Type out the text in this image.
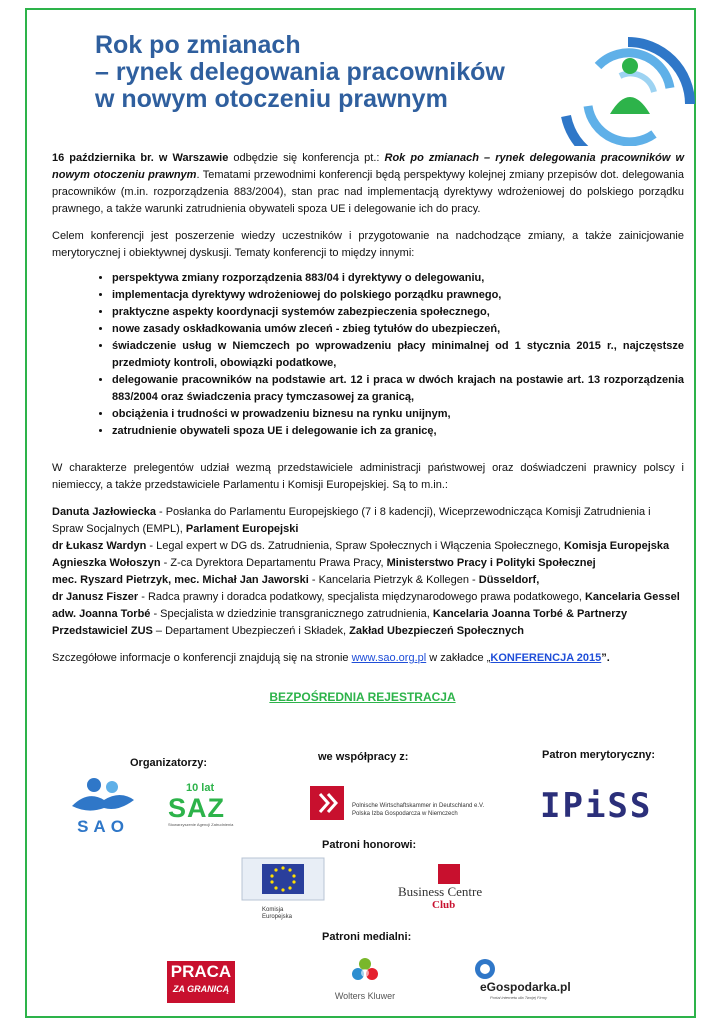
Rok po zmianach
– rynek delegowania pracowników
w nowym otoczeniu prawnym

16 października br. w Warszawie odbędzie się konferencja pt.: Rok po zmianach – rynek delegowania pracowników w nowym otoczeniu prawnym. Tematami przewodnimi konferencji będą perspektywy kolejnej zmiany przepisów dot. delegowania pracowników (m.in. rozporządzenia 883/2004), stan prac nad implementacją dyrektywy wdrożeniowej do polskiego porządku prawnego, a także warunki zatrudnienia obywateli spoza UE i delegowanie ich do pracy.

Celem konferencji jest poszerzenie wiedzy uczestników i przygotowanie na nadchodzące zmiany, a także zainicjowanie merytorycznej i obiektywnej dyskusji. Tematy konferencji to między innymi:

• perspektywa zmiany rozporządzenia 883/04 i dyrektywy o delegowaniu,
• implementacja dyrektywy wdrożeniowej do polskiego porządku prawnego,
• praktyczne aspekty koordynacji systemów zabezpieczenia społecznego,
• nowe zasady oskładkowania umów zleceń - zbieg tytułów do ubezpieczeń,
• świadczenie usług w Niemczech po wprowadzeniu płacy minimalnej od 1 stycznia 2015 r., najczęstsze przedmioty kontroli, obowiązki podatkowe,
• delegowanie pracowników na podstawie art. 12 i praca w dwóch krajach na postawie art. 13 rozporządzenia 883/2004 oraz świadczenia pracy tymczasowej za granicą,
• obciążenia i trudności w prowadzeniu biznesu na rynku unijnym,
• zatrudnienie obywateli spoza UE i delegowanie ich za granicę,

W charakterze prelegentów udział wezmą przedstawiciele administracji państwowej oraz doświadczeni prawnicy polscy i niemieccy, a także przedstawiciele Parlamentu i Komisji Europejskiej. Są to m.in.:

Danuta Jazłowiecka - Posłanka do Parlamentu Europejskiego (7 i 8 kadencji), Wiceprzewodnicząca Komisji Zatrudnienia i Spraw Socjalnych (EMPL), Parlament Europejski

dr Łukasz Wardyn - Legal expert w DG ds. Zatrudnienia, Spraw Społecznych i Włączenia Społecznego, Komisja Europejska

Agnieszka Wołoszyn - Z-ca Dyrektora Departamentu Prawa Pracy, Ministerstwo Pracy i Polityki Społecznej

mec. Ryszard Pietrzyk, mec. Michał Jan Jaworski - Kancelaria Pietrzyk & Kollegen - Düsseldorf,

dr Janusz Fiszer - Radca prawny i doradca podatkowy, specjalista międzynarodowego prawa podatkowego, Kancelaria Gessel

adw. Joanna Torbé - Specjalista w dziedzinie transgranicznego zatrudnienia, Kancelaria Joanna Torbé & Partnerzy

Przedstawiciel ZUS – Departament Ubezpieczeń i Składek, Zakład Ubezpieczeń Społecznych

Szczegółowe informacje o konferencji znajdują się na stronie www.sao.org.pl w zakładce „KONFERENCJA 2015”.

BEZPOŚREDNIA REJESTRACJA
Organizatorzy:	we współpracy z:	Patron merytoryczny:
Patroni honorowi:
Patroni medialni:
SAO
10 lat
SAZ
Stowarzyszenie Agencji Zatrudnienia
Polnische Wirtschaftskammer in Deutschland e.V.
Polska Izba Gospodarcza w Niemczech	IPiSS
Komisja
Europejska
Business Centre
Club
PRACA
ZA GRANICĄ
Wolters Kluwer
eGospodarka.pl
Portal internetu dla Twojej Firmy
